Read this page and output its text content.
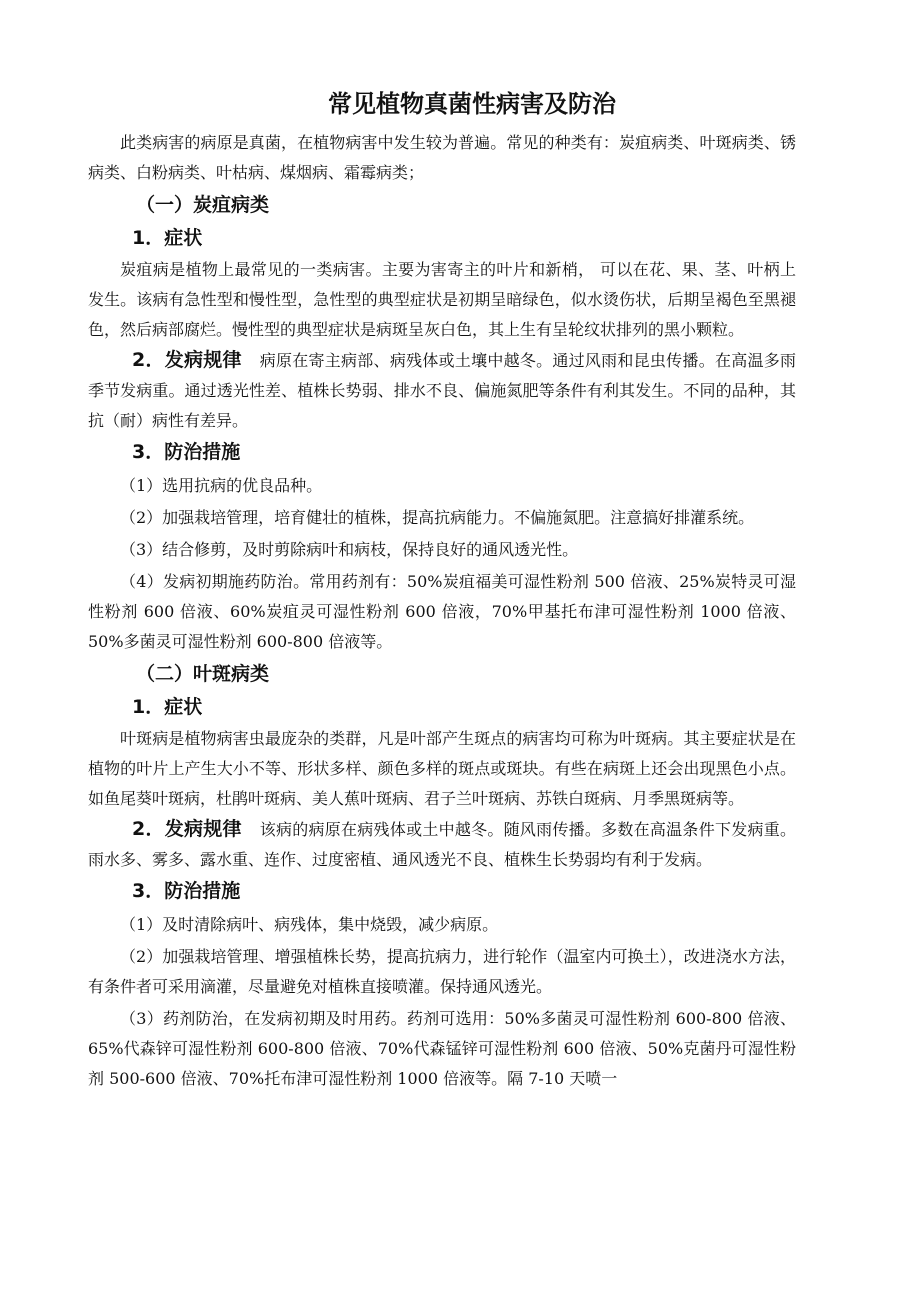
常见植物真菌性病害及防治

此类病害的病原是真菌，在植物病害中发生较为普遍。常见的种类有：炭疽病类、叶斑病类、锈病类、白粉病类、叶枯病、煤烟病、霜霉病类；

（一）炭疽病类
1．症状

炭疽病是植物上最常见的一类病害。主要为害寄主的叶片和新梢， 可以在花、果、茎、叶柄上发生。该病有急性型和慢性型，急性型的典型症状是初期呈暗绿色，似水烫伤状，后期呈褐色至黑褪色，然后病部腐烂。慢性型的典型症状是病斑呈灰白色，其上生有呈轮纹状排列的黑小颗粒。

2．发病规律 病原在寄主病部、病残体或土壤中越冬。通过风雨和昆虫传播。在高温多雨季节发病重。通过透光性差、植株长势弱、排水不良、偏施氮肥等条件有利其发生。不同的品种，其抗（耐）病性有差异。

3．防治措施

（1）选用抗病的优良品种。

（2）加强栽培管理，培育健壮的植株，提高抗病能力。不偏施氮肥。注意搞好排灌系统。

（3）结合修剪，及时剪除病叶和病枝，保持良好的通风透光性。

（4）发病初期施药防治。常用药剂有：50%炭疽福美可湿性粉剂 500 倍液、25%炭特灵可湿性粉剂 600 倍液、60%炭疽灵可湿性粉剂 600 倍液，70%甲基托布津可湿性粉剂 1000 倍液、50%多菌灵可湿性粉剂 600-800 倍液等。

（二）叶斑病类
1．症状

叶斑病是植物病害虫最庞杂的类群，凡是叶部产生斑点的病害均可称为叶斑病。其主要症状是在植物的叶片上产生大小不等、形状多样、颜色多样的斑点或斑块。有些在病斑上还会出现黑色小点。如鱼尾葵叶斑病，杜鹃叶斑病、美人蕉叶斑病、君子兰叶斑病、苏铁白斑病、月季黑斑病等。

2．发病规律 该病的病原在病残体或土中越冬。随风雨传播。多数在高温条件下发病重。雨水多、雾多、露水重、连作、过度密植、通风透光不良、植株生长势弱均有利于发病。

3．防治措施

（1）及时清除病叶、病残体，集中烧毁，减少病原。

（2）加强栽培管理、增强植株长势，提高抗病力，进行轮作（温室内可换土），改进浇水方法，有条件者可采用滴灌，尽量避免对植株直接喷灌。保持通风透光。

（3）药剂防治，在发病初期及时用药。药剂可选用：50%多菌灵可湿性粉剂 600-800 倍液、65%代森锌可湿性粉剂 600-800 倍液、70%代森锰锌可湿性粉剂 600 倍液、50%克菌丹可湿性粉剂 500-600 倍液、70%托布津可湿性粉剂 1000 倍液等。隔 7-10 天喷一
